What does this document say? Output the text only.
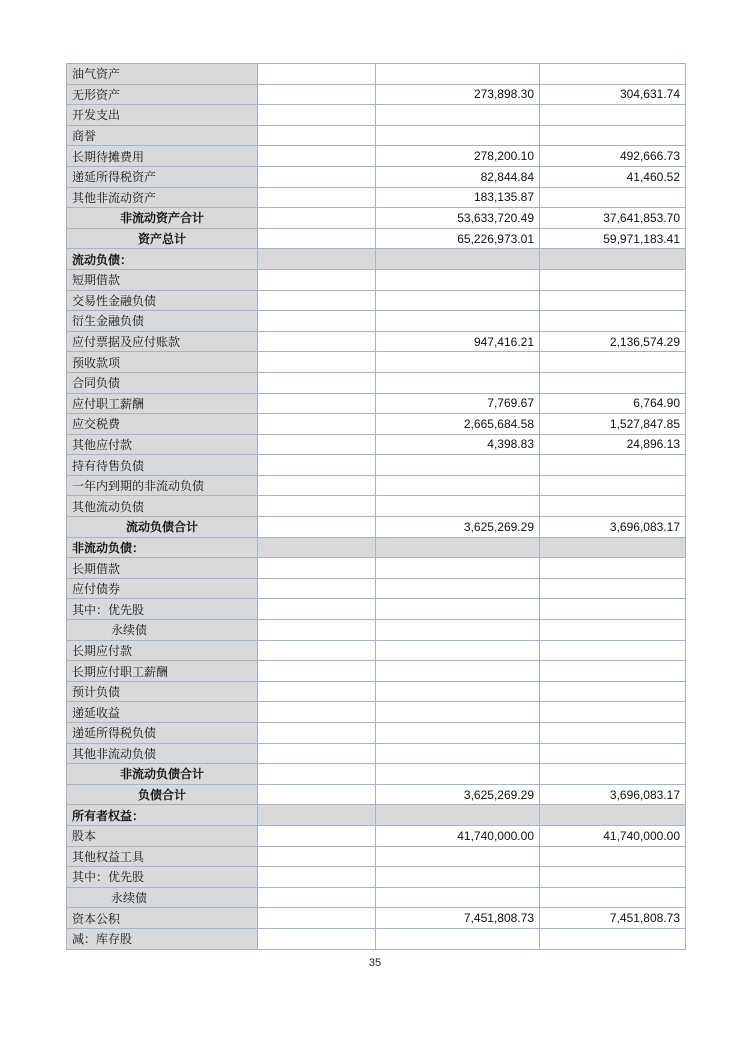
油气资产			
无形资产		273,898.30	304,631.74
开发支出			
商誉			
长期待摊费用		278,200.10	492,666.73
递延所得税资产		82,844.84	41,460.52
其他非流动资产		183,135.87	
非流动资产合计		53,633,720.49	37,641,853.70
资产总计		65,226,973.01	59,971,183.41
流动负债：			
短期借款			
交易性金融负债			
衍生金融负债			
应付票据及应付账款		947,416.21	2,136,574.29
预收款项			
合同负债			
应付职工薪酬		7,769.67	6,764.90
应交税费		2,665,684.58	1,527,847.85
其他应付款		4,398.83	24,896.13
持有待售负债			
一年内到期的非流动负债			
其他流动负债			
流动负债合计		3,625,269.29	3,696,083.17
非流动负债：			
长期借款			
应付债券			
其中：优先股			
永续债			
长期应付款			
长期应付职工薪酬			
预计负债			
递延收益			
递延所得税负债			
其他非流动负债			
非流动负债合计			
负债合计		3,625,269.29	3,696,083.17
所有者权益：			
股本		41,740,000.00	41,740,000.00
其他权益工具			
其中：优先股			
永续债			
资本公积		7,451,808.73	7,451,808.73
减：库存股			
35
